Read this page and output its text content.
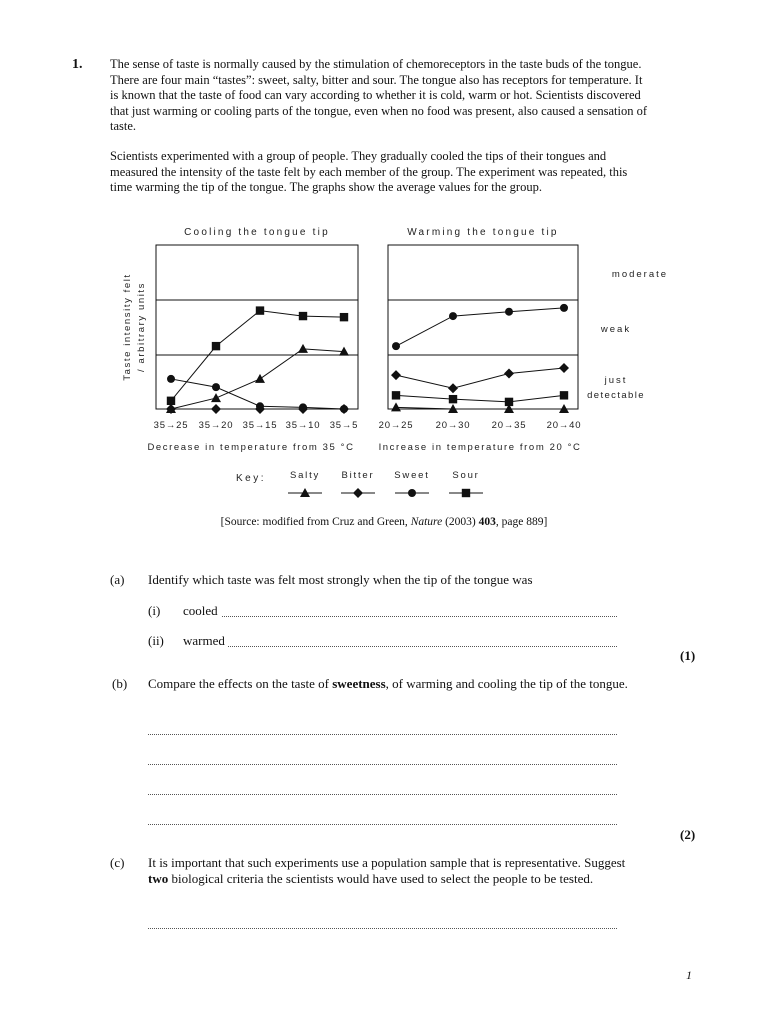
1. The sense of taste is normally caused by the stimulation of chemoreceptors in the taste buds of the tongue. There are four main “tastes”: sweet, salty, bitter and sour. The tongue also has receptors for temperature. It is known that the taste of food can vary according to whether it is cold, warm or hot. Scientists discovered that just warming or cooling parts of the tongue, even when no food was present, also caused a sensation of taste.
Scientists experimented with a group of people. They gradually cooled the tips of their tongues and measured the intensity of the taste felt by each member of the group. The experiment was repeated, this time warming the tip of the tongue. The graphs show the average values for the group.
Cooling the tongue tip	Warming the tongue tip
Taste intensity felt / arbitrary units
moderate
weak
just
detectable
35→25 35→20 35→15 35→10 35→5 20→25 20→30 20→35 20→40
Decrease in temperature from 35 °C	Increase in temperature from 20 °C
Key:	Salty Bitter Sweet Sour
[Source: modified from Cruz and Green, Nature (2003) 403, page 889]
(a) Identify which taste was felt most strongly when the tip of the tongue was
(i) cooled
(ii) warmed
(1)
(b) Compare the effects on the taste of sweetness, of warming and cooling the tip of the tongue.
(2)
(c) It is important that such experiments use a population sample that is representative. Suggest two biological criteria the scientists would have used to select the people to be tested.
1
